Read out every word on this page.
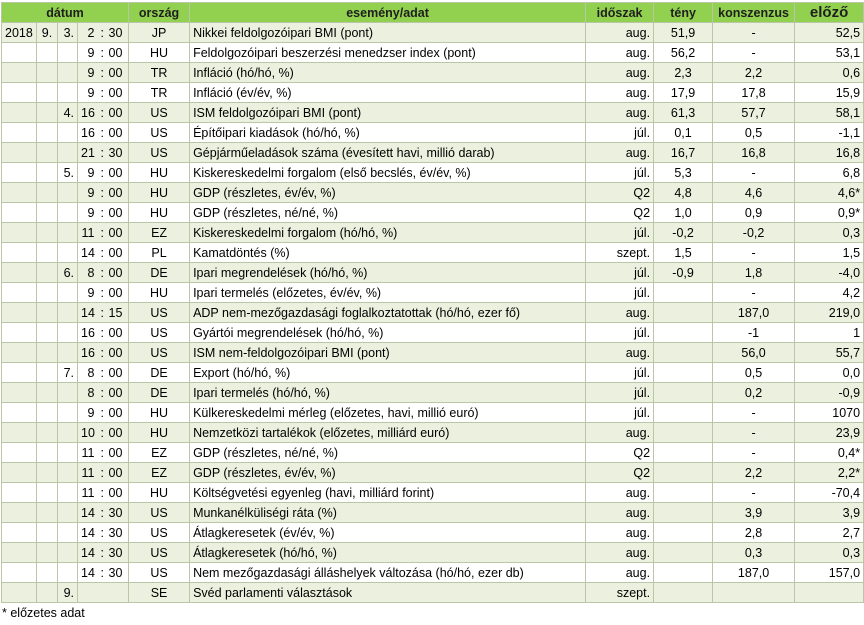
dátum						ország	esemény/adat	időszak	tény	konszenzus	előző
2018	9.	3.	2	:	30	JP	Nikkei feldolgozóipari BMI (pont)	aug.	51,9	-	52,5
			9	:	00	HU	Feldolgozóipari beszerzési menedzser index (pont)	aug.	56,2	-	53,1
			9	:	00	TR	Infláció (hó/hó, %)	aug.	2,3	2,2	0,6
			9	:	00	TR	Infláció (év/év, %)	aug.	17,9	17,8	15,9
		4.	16	:	00	US	ISM feldolgozóipari BMI (pont)	aug.	61,3	57,7	58,1
			16	:	00	US	Építőipari kiadások (hó/hó, %)	júl.	0,1	0,5	-1,1
			21	:	30	US	Gépjárműeladások száma (évesített havi, millió darab)	aug.	16,7	16,8	16,8
		5.	9	:	00	HU	Kiskereskedelmi forgalom (első becslés, év/év, %)	júl.	5,3	-	6,8
			9	:	00	HU	GDP (részletes, év/év, %)	Q2	4,8	4,6	4,6*
			9	:	00	HU	GDP (részletes, né/né, %)	Q2	1,0	0,9	0,9*
			11	:	00	EZ	Kiskereskedelmi forgalom (hó/hó, %)	júl.	-0,2	-0,2	0,3
			14	:	00	PL	Kamatdöntés (%)	szept.	1,5	-	1,5
		6.	8	:	00	DE	Ipari megrendelések (hó/hó, %)	júl.	-0,9	1,8	-4,0
			9	:	00	HU	Ipari termelés (előzetes, év/év, %)	júl.		-	4,2
			14	:	15	US	ADP nem-mezőgazdasági foglalkoztatottak (hó/hó, ezer fő)	aug.		187,0	219,0
			16	:	00	US	Gyártói megrendelések (hó/hó, %)	júl.		-1	1
			16	:	00	US	ISM nem-feldolgozóipari BMI (pont)	aug.		56,0	55,7
		7.	8	:	00	DE	Export (hó/hó, %)	júl.		0,5	0,0
			8	:	00	DE	Ipari termelés (hó/hó, %)	júl.		0,2	-0,9
			9	:	00	HU	Külkereskedelmi mérleg (előzetes, havi, millió euró)	júl.		-	1070
			10	:	00	HU	Nemzetközi tartalékok (előzetes, milliárd euró)	aug.		-	23,9
			11	:	00	EZ	GDP (részletes, né/né, %)	Q2		-	0,4*
			11	:	00	EZ	GDP (részletes, év/év, %)	Q2		2,2	2,2*
			11	:	00	HU	Költségvetési egyenleg (havi, milliárd forint)	aug.		-	-70,4
			14	:	30	US	Munkanélküliségi ráta (%)	aug.		3,9	3,9
			14	:	30	US	Átlagkeresetek (év/év, %)	aug.		2,8	2,7
			14	:	30	US	Átlagkeresetek (hó/hó, %)	aug.		0,3	0,3
			14	:	30	US	Nem mezőgazdasági álláshelyek változása (hó/hó, ezer db)	aug.		187,0	157,0
		9.				SE	Svéd parlamenti választások	szept.			
* előzetes adat
